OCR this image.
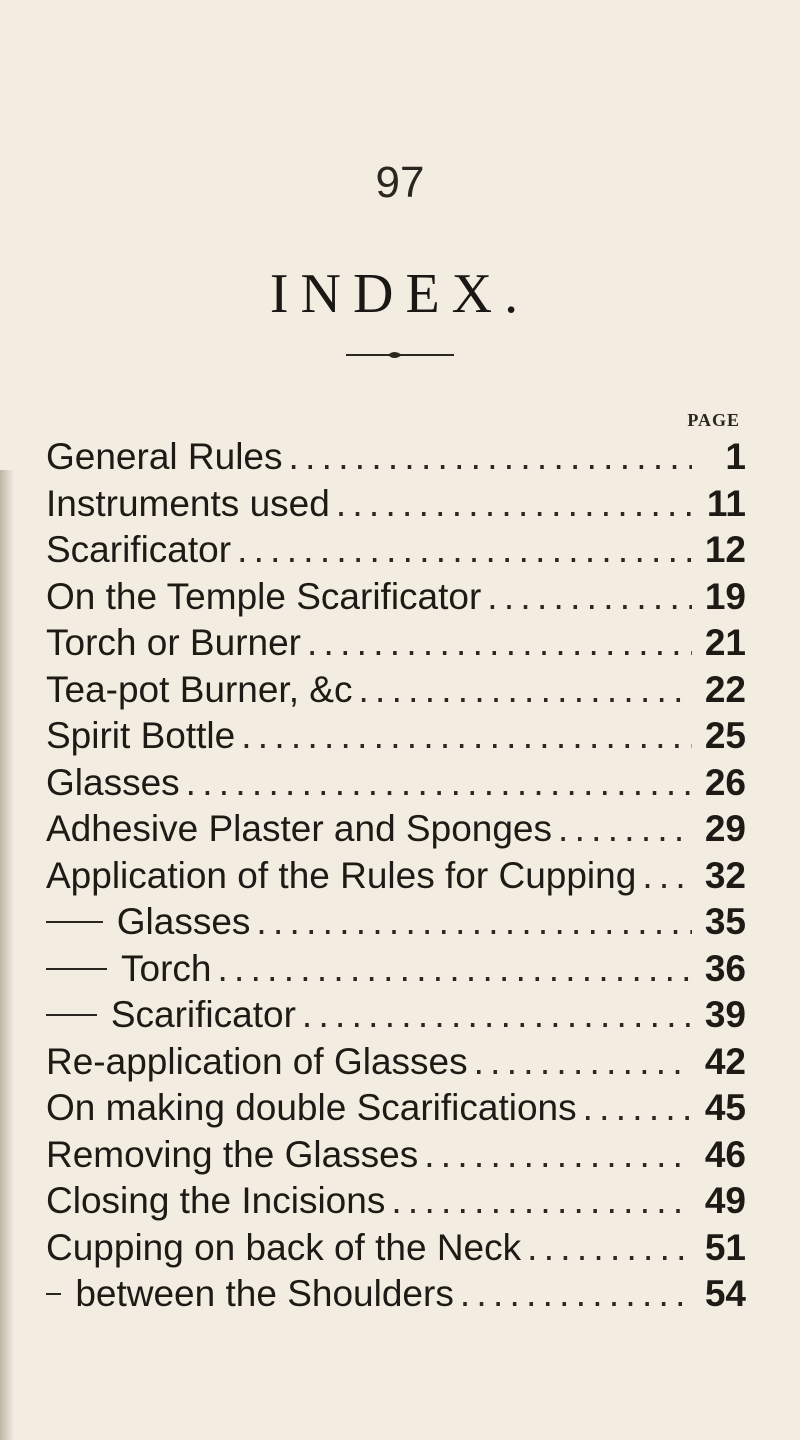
97
INDEX.
PAGE
General Rules . . .	1
Instruments used . . .	11
Scarificator . . .	12
On the Temple Scarificator . . .	19
Torch or Burner . . .	21
Tea-pot Burner, &c . . .	22
Spirit Bottle . . .	25
Glasses . . .	26
Adhesive Plaster and Sponges . . .	29
Application of the Rules for Cupping . . . 32
Glasses . . .	35
Torch . . .	36
Scarificator . . .	39
Re-application of Glasses . . .	42
On making double Scarifications . . .	45
Removing the Glasses . . .	46
Closing the Incisions . . .	49
Cupping on back of the Neck . . .	51
between the Shoulders . . .	54
